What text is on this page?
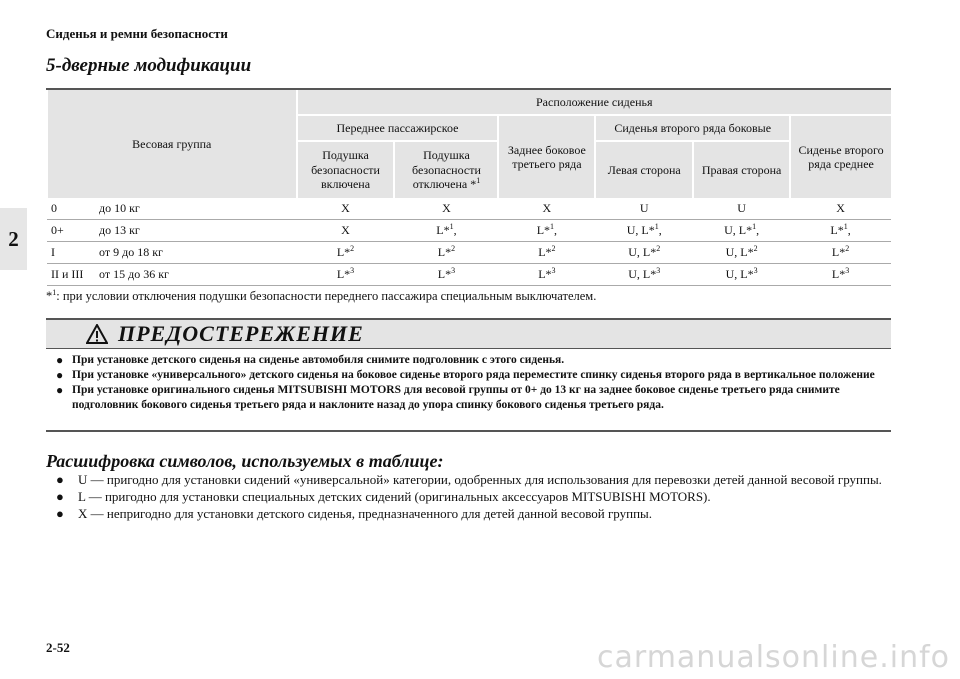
Сиденья и ремни безопасности
2
5-дверные модификации
Весовая группа	Расположение сиденья					
	Переднее пассажирское		Заднее боковое третьего ряда	Сиденья второго ряда боковые		Сиденье второго ряда среднее
	Подушка безопасности включена	Подушка безопасности отключена *$^1$		Левая сторона	Правая сторона	
0 до 10 кг	X	X	X	U	U	X
0+ до 13 кг	X	L*$^1$,	L*$^1$,	U, L*$^1$,	U, L*$^1$,	L*$^1$,
I от 9 до 18 кг	L*$^2$	L*$^2$	L*$^2$	U, L*$^2$	U, L*$^2$	L*$^2$
II и III от 15 до 36 кг	L*$^3$	L*$^3$	L*$^3$	U, L*$^3$	U, L*$^3$	L*$^3$
*$^1$: при условии отключения подушки безопасности переднего пассажира специальным выключателем.
ПРЕДОСТЕРЕЖЕНИЕ
● При установке детского сиденья на сиденье автомобиля снимите подголовник с этого сиденья.
● При установке «универсального» детского сиденья на боковое сиденье второго ряда переместите спинку сиденья второго ряда в вертикальное положение
● При установке оригинального сиденья MITSUBISHI MOTORS для весовой группы от 0+ до 13 кг на заднее боковое сиденье третьего ряда снимите подголовник бокового сиденья третьего ряда и наклоните назад до упора спинку бокового сиденья третьего ряда.
Расшифровка символов, используемых в таблице:
● U — пригодно для установки сидений «универсальной» категории, одобренных для использования для перевозки детей данной весовой группы.
● L — пригодно для установки специальных детских сидений (оригинальных аксессуаров MITSUBISHI MOTORS).
● X — непригодно для установки детского сиденья, предназначенного для детей данной весовой группы.
2-52	carmanualsonline.info
